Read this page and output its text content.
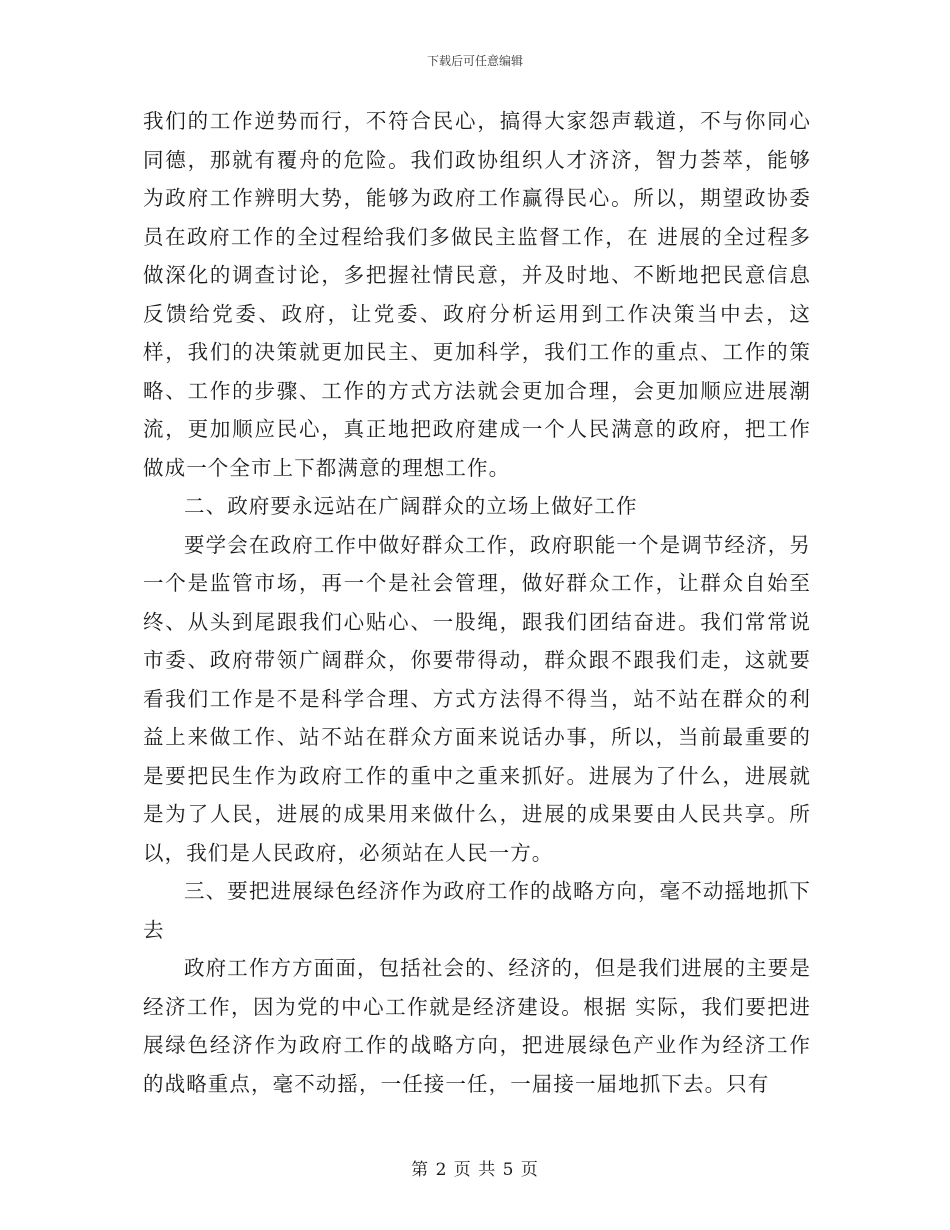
下载后可任意编辑

我们的工作逆势而行，不符合民心，搞得大家怨声载道，不与你同心同德，那就有覆舟的危险。我们政协组织人才济济，智力荟萃，能够为政府工作辨明大势，能够为政府工作赢得民心。所以，期望政协委员在政府工作的全过程给我们多做民主监督工作，在 进展的全过程多做深化的调查讨论，多把握社情民意，并及时地、不断地把民意信息反馈给党委、政府，让党委、政府分析运用到工作决策当中去，这样，我们的决策就更加民主、更加科学，我们工作的重点、工作的策略、工作的步骤、工作的方式方法就会更加合理，会更加顺应进展潮流，更加顺应民心，真正地把政府建成一个人民满意的政府，把工作做成一个全市上下都满意的理想工作。

二、政府要永远站在广阔群众的立场上做好工作

要学会在政府工作中做好群众工作，政府职能一个是调节经济，另一个是监管市场，再一个是社会管理，做好群众工作，让群众自始至终、从头到尾跟我们心贴心、一股绳，跟我们团结奋进。我们常常说市委、政府带领广阔群众，你要带得动，群众跟不跟我们走，这就要看我们工作是不是科学合理、方式方法得不得当，站不站在群众的利益上来做工作、站不站在群众方面来说话办事，所以，当前最重要的是要把民生作为政府工作的重中之重来抓好。进展为了什么，进展就是为了人民，进展的成果用来做什么，进展的成果要由人民共享。所以，我们是人民政府，必须站在人民一方。

三、要把进展绿色经济作为政府工作的战略方向，毫不动摇地抓下去

政府工作方方面面，包括社会的、经济的，但是我们进展的主要是经济工作，因为党的中心工作就是经济建设。根据 实际，我们要把进展绿色经济作为政府工作的战略方向，把进展绿色产业作为经济工作的战略重点，毫不动摇，一任接一任，一届接一届地抓下去。只有

第 2 页 共 5 页
